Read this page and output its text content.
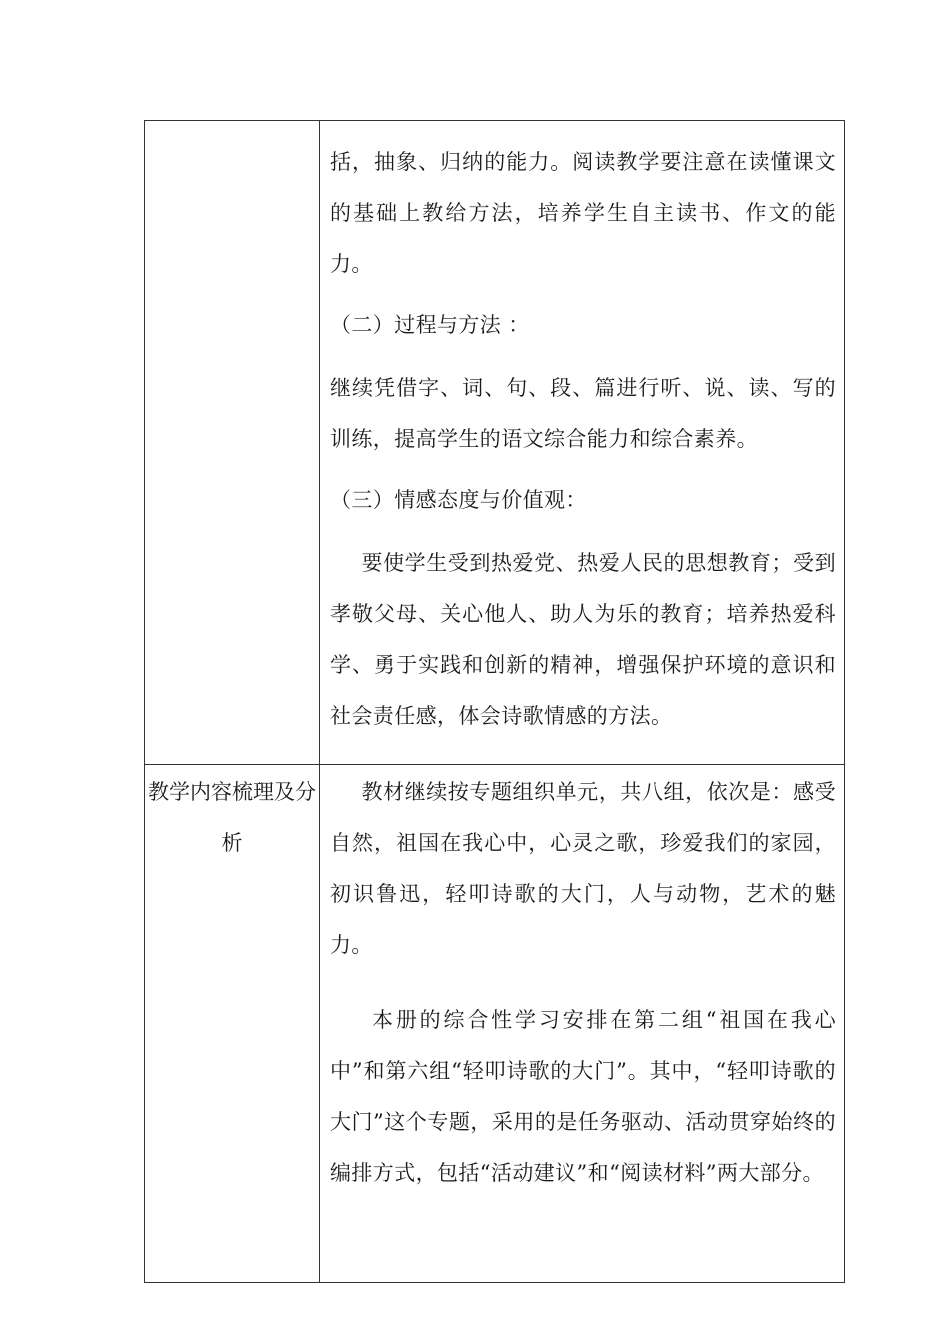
	括，抽象、归纳的能力。阅读教学要注意在读懂课文的基础上教给方法，培养学生自主读书、作文的能力。

（二）过程与方法 ：

继续凭借字、词、句、段、篇进行听、说、读、写的训练，提高学生的语文综合能力和综合素养。

（三）情感态度与价值观：

要使学生受到热爱党、热爱人民的思想教育；受到孝敬父母、关心他人、助人为乐的教育；培养热爱科学、勇于实践和创新的精神，增强保护环境的意识和社会责任感，体会诗歌情感的方法。

教学内容梳理及分析	教材继续按专题组织单元，共八组，依次是：感受自然，祖国在我心中，心灵之歌，珍爱我们的家园，初识鲁迅，轻叩诗歌的大门，人与动物，艺术的魅力。

本册的综合性学习安排在第二组“祖国在我心中”和第六组“轻叩诗歌的大门”。其中，“轻叩诗歌的大门”这个专题，采用的是任务驱动、活动贯穿始终的编排方式，包括“活动建议”和“阅读材料”两大部分。
